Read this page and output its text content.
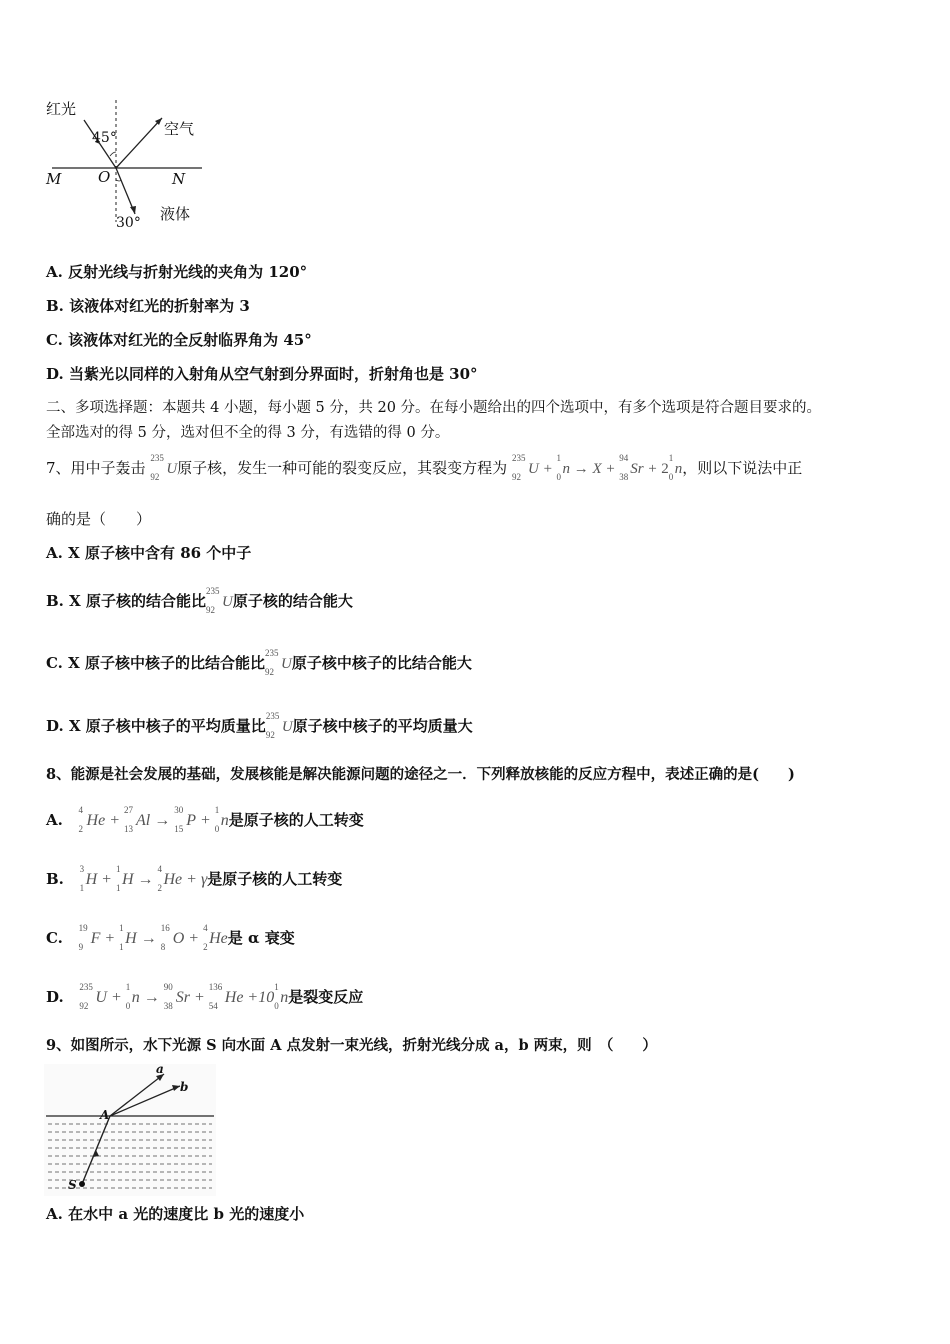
红光
空气
液体
45°
30°
M O	N
A. 反射光线与折射光线的夹角为 120°
B. 该液体对红光的折射率为 3
C. 该液体对红光的全反射临界角为 45°
D. 当紫光以同样的入射角从空气射到分界面时，折射角也是 30°
二、多项选择题：本题共 4 小题，每小题 5 分，共 20 分。在每小题给出的四个选项中，有多个选项是符合题目要求的。
全部选对的得 5 分，选对但不全的得 3 分，有选错的得 0 分。
7、用中子轰击
235
92 U原子核，发生一种可能的裂变反应，其裂变方程为
235
92 U +
1
0 n → X +
94
38 Sr + 2
1
0 n，则以下说法中正
确的是（　　）
A. X 原子核中含有 86 个中子
B. X 原子核的结合能比
235
92 U原子核的结合能大
C. X 原子核中核子的比结合能比
235
92 U原子核中核子的比结合能大
D. X 原子核中核子的平均质量比
235
92 U原子核中核子的平均质量大
8、能源是社会发展的基础，发展核能是解决能源问题的途径之一．下列释放核能的反应方程中，表述正确的是(　　)
A.
4
2 He +
27
13 Al →
30
15 P +
1
0 n是原子核的人工转变
B.
3
1 H +
1
1 H →
4
2 He + γ是原子核的人工转变
C.
19
9 F +
1
1 H →
16
8 O +
4
2 He是 α 衰变
D.
235
92 U +
1
0 n →
90
38 Sr +
136
54 He +10
1
0 n是裂变反应
9、如图所示，水下光源 S 向水面 A 点发射一束光线，折射光线分成 a，b 两束，则　（　　）
a
b
A
S
A. 在水中 a 光的速度比 b 光的速度小
